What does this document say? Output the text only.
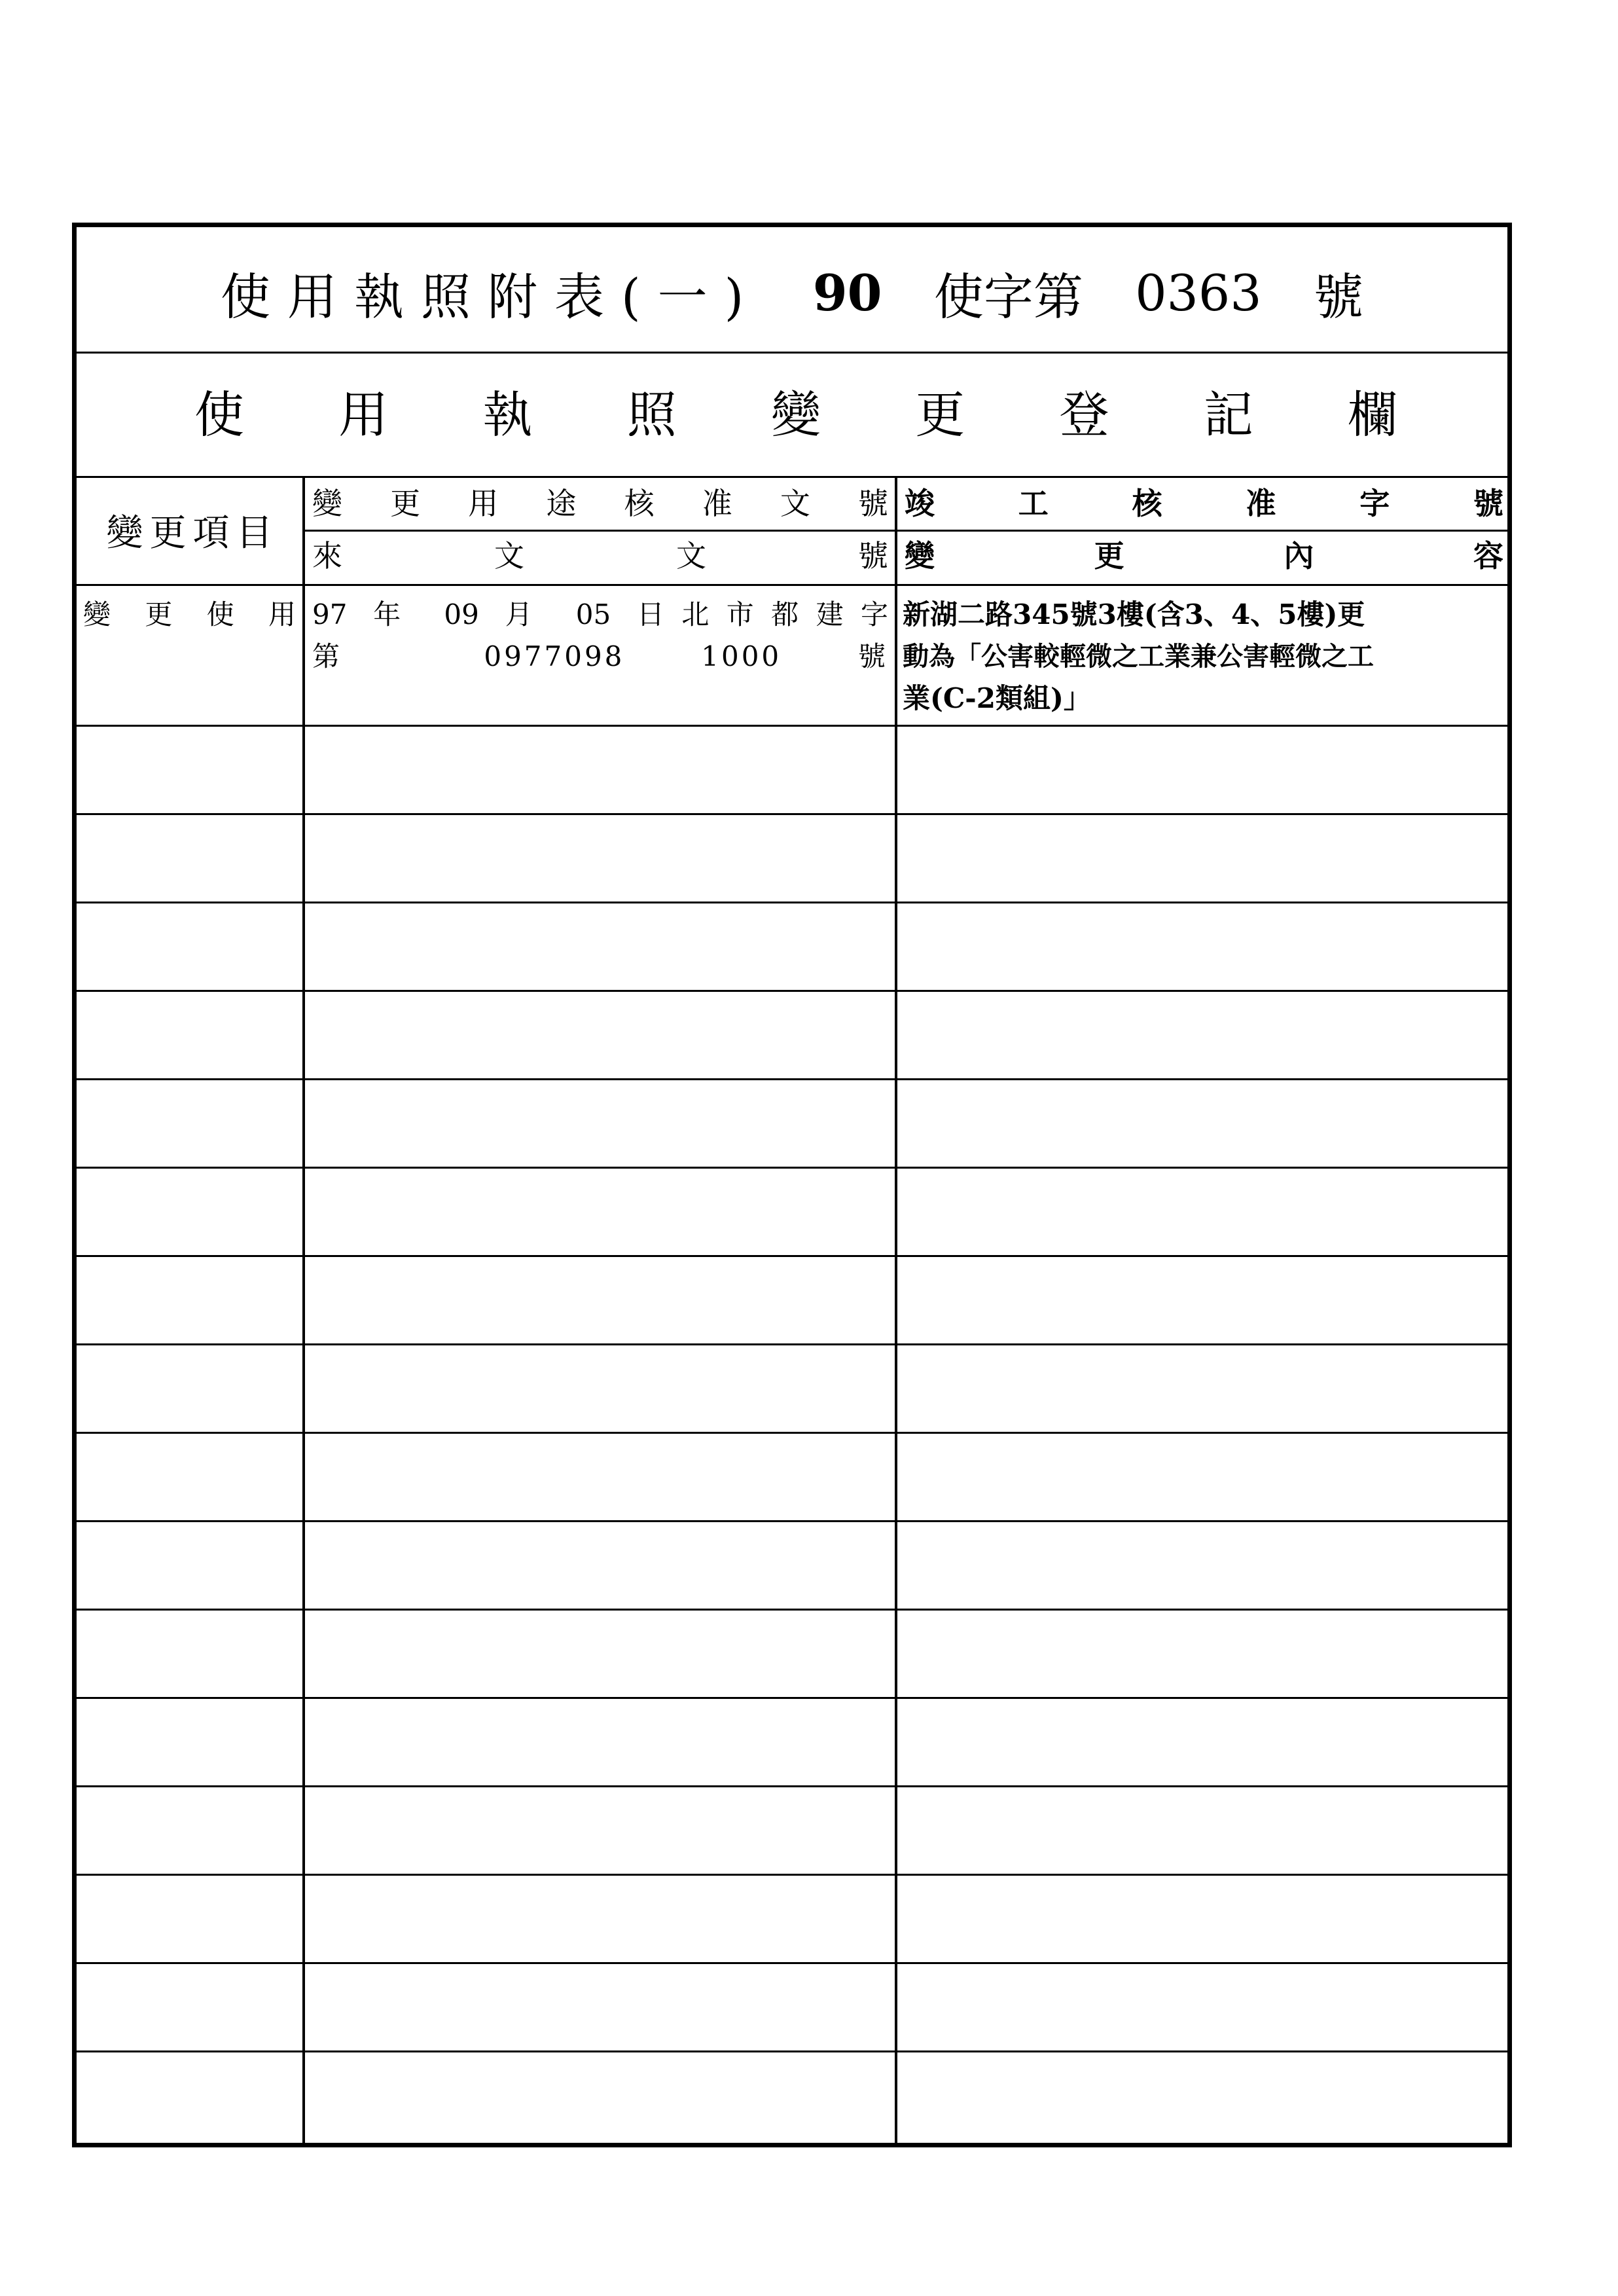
使用執照附表(一) 90 使字第 0363 號
使用執照變更登記欄
變更項目
變更用途核准文號
來文文號
竣工核准字號
變更內容
變 更 使 用 97 年 09 月 05 日北市都建字
第 0977098 1000 號
新湖二路345號3樓(含3、4、5樓)更
動為「公害較輕微之工業兼公害輕微之工
業(C-2類組)」
